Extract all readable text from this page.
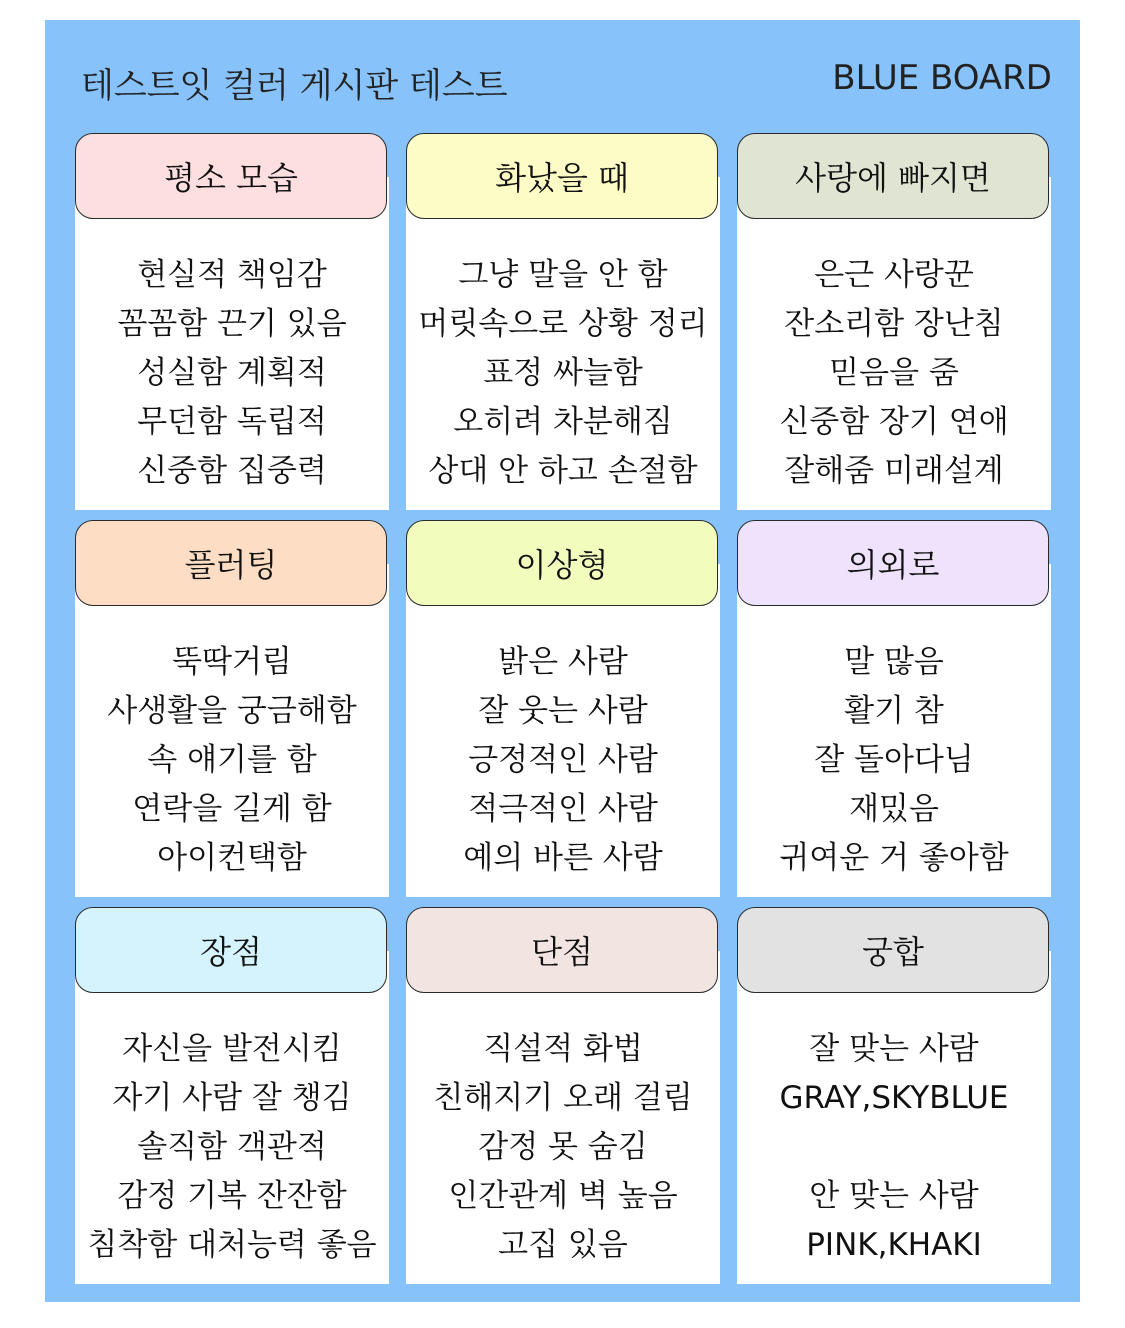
테스트잇 컬러 게시판 테스트	BLUE BOARD
평소 모습
현실적 책임감
꼼꼼함 끈기 있음
성실함 계획적
무던함 독립적
신중함 집중력
화났을 때
그냥 말을 안 함
머릿속으로 상황 정리
표정 싸늘함
오히려 차분해짐
상대 안 하고 손절함
사랑에 빠지면
은근 사랑꾼
잔소리함 장난침
믿음을 줌
신중함 장기 연애
잘해줌 미래설계
플러팅
뚝딱거림
사생활을 궁금해함
속 얘기를 함
연락을 길게 함
아이컨택함
이상형
밝은 사람
잘 웃는 사람
긍정적인 사람
적극적인 사람
예의 바른 사람
의외로
말 많음
활기 참
잘 돌아다님
재밌음
귀여운 거 좋아함
장점
자신을 발전시킴
자기 사람 잘 챙김
솔직함 객관적
감정 기복 잔잔함
침착함 대처능력 좋음
단점
직설적 화법
친해지기 오래 걸림
감정 못 숨김
인간관계 벽 높음
고집 있음
궁합
잘 맞는 사람
GRAY,SKYBLUE
안 맞는 사람
PINK,KHAKI
